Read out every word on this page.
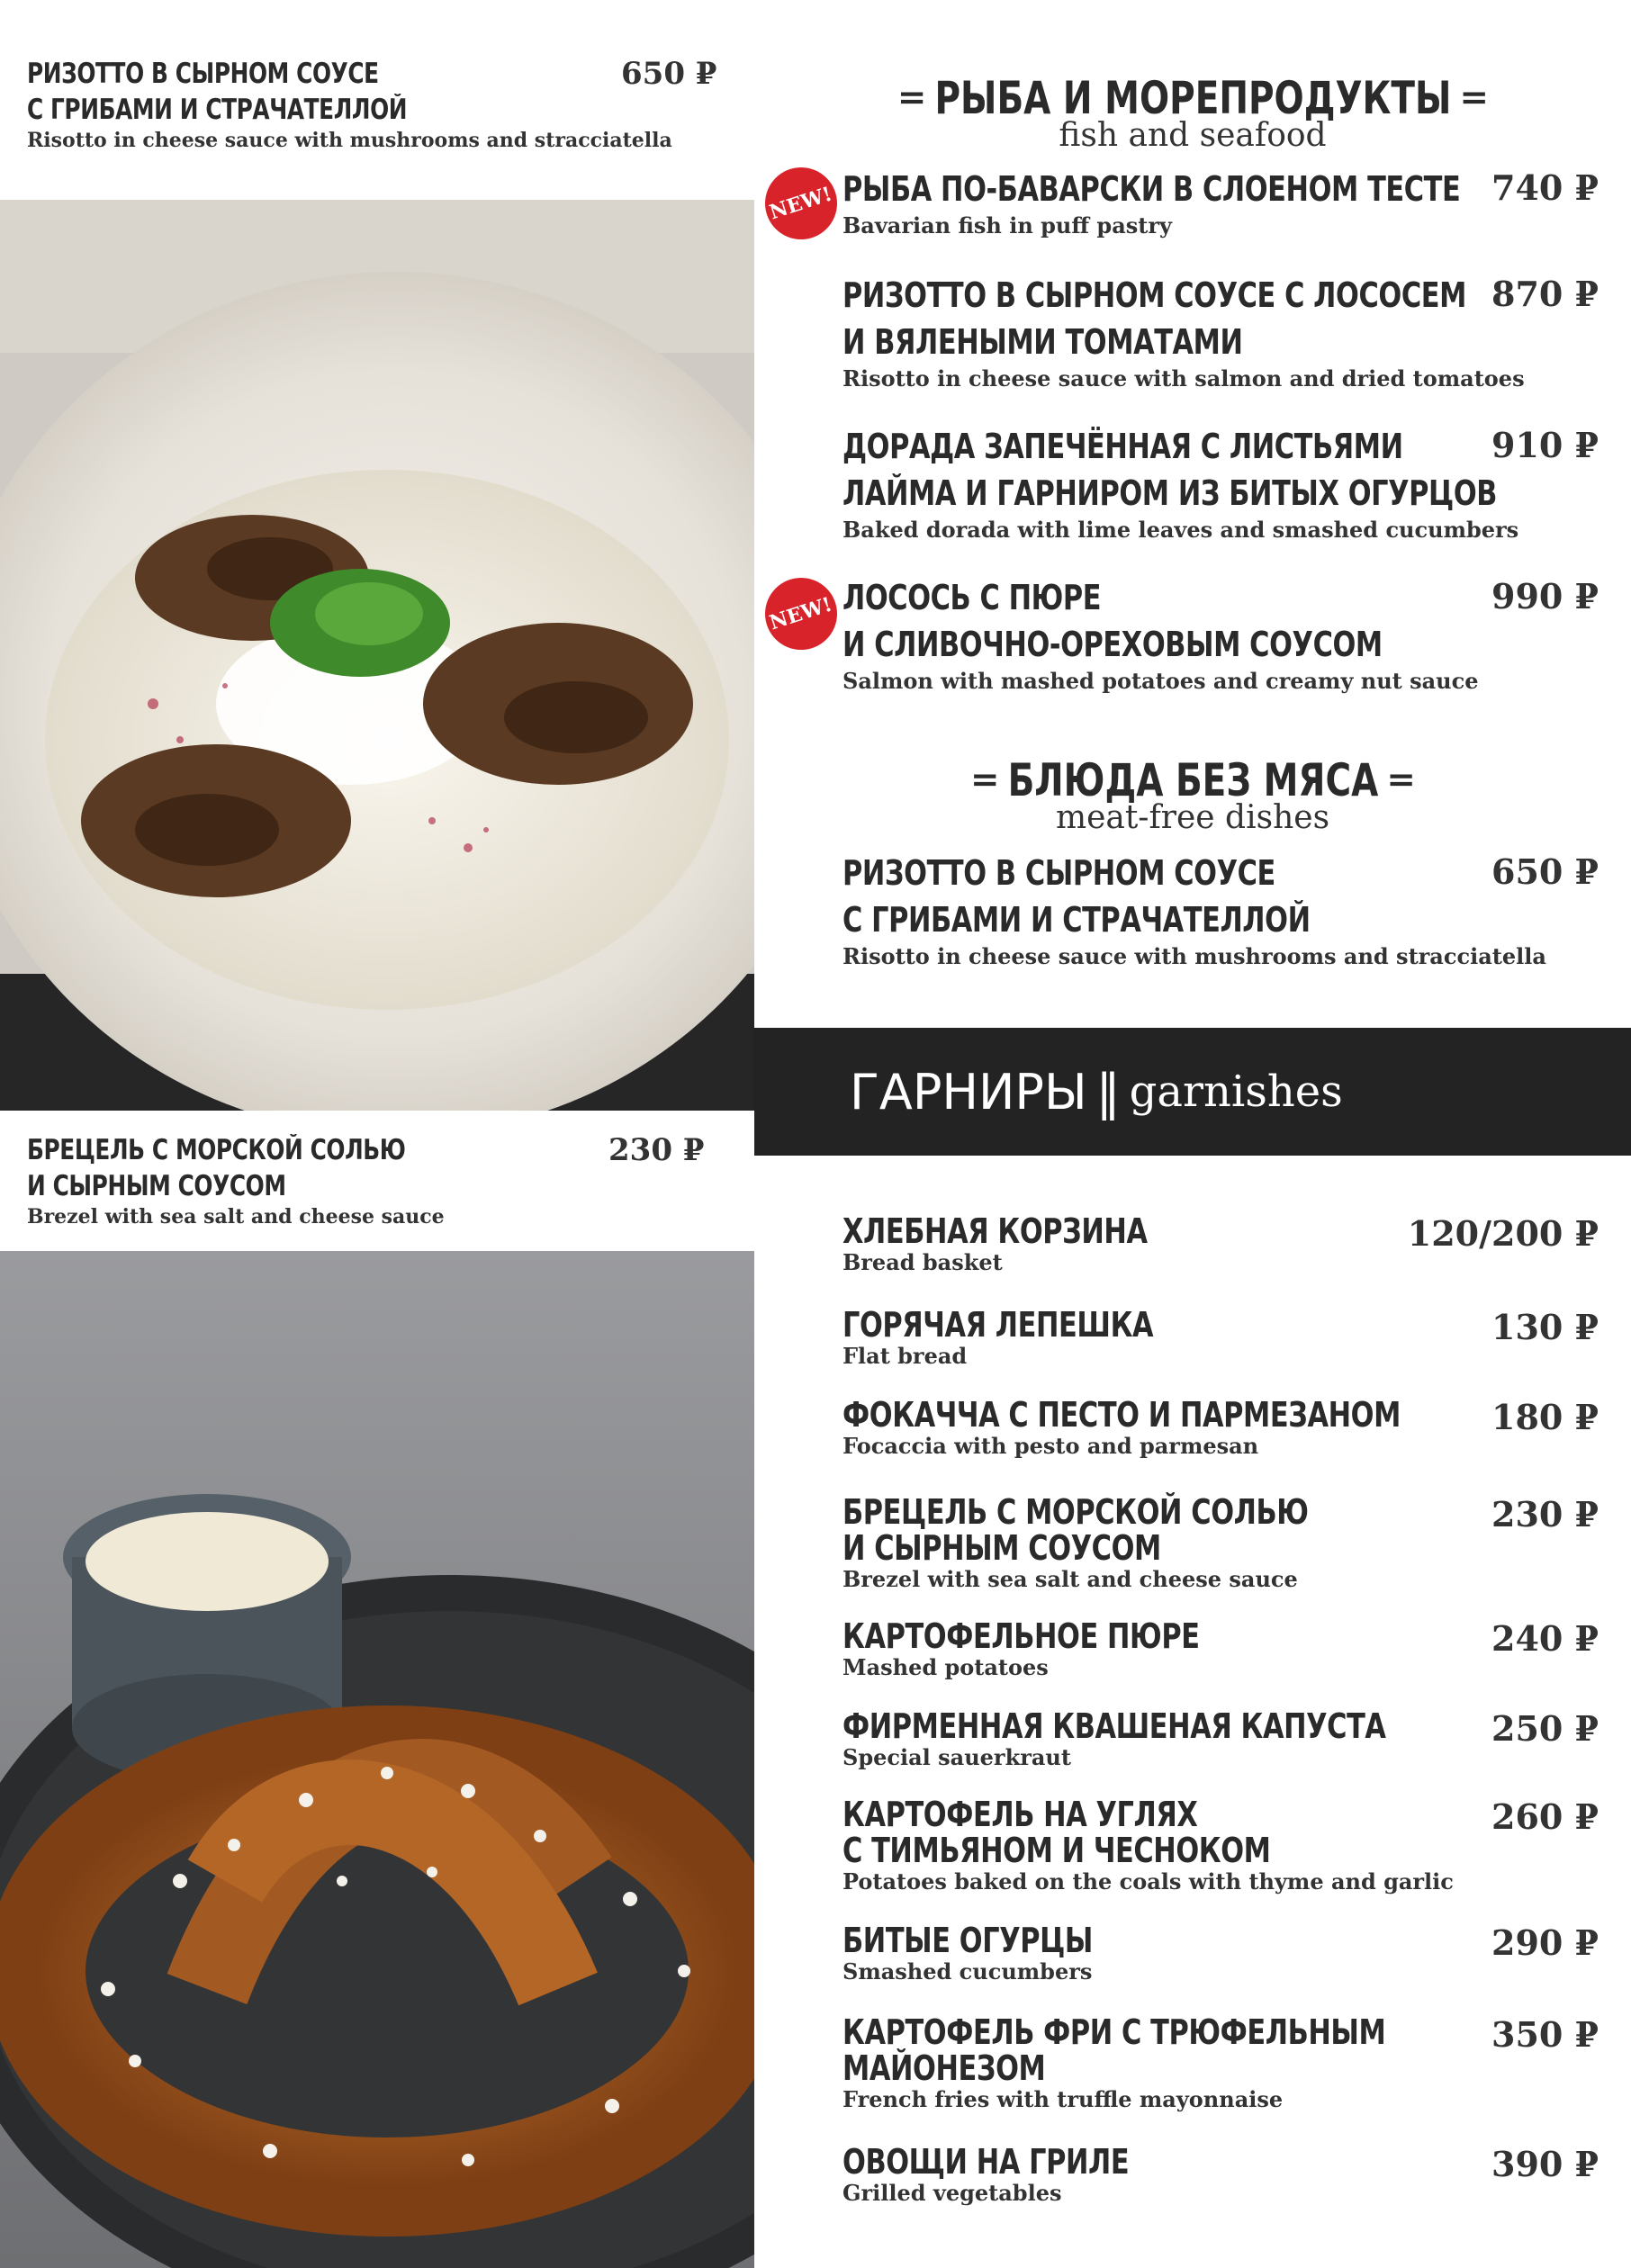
РИЗОТТО В СЫРНОМ СОУСЕ
С ГРИБАМИ И СТРАЧАТЕЛЛОЙ
Risotto in cheese sauce with mushrooms and stracciatella
650 ₽
БРЕЦЕЛЬ С МОРСКОЙ СОЛЬЮ
И СЫРНЫМ СОУСОМ
Brezel with sea salt and cheese sauce
230 ₽
═ РЫБА И МОРЕПРОДУКТЫ ═
fish and seafood
РЫБА ПО-БАВАРСКИ В СЛОЕНОМ ТЕСТЕ
Bavarian fish in puff pastry
740 ₽
NEW!
РИЗОТТО В СЫРНОМ СОУСЕ С ЛОСОСЕМ
И ВЯЛЕНЫМИ ТОМАТАМИ
Risotto in cheese sauce with salmon and dried tomatoes
870 ₽
ДОРАДА ЗАПЕЧЁННАЯ С ЛИСТЬЯМИ
ЛАЙМА И ГАРНИРОМ ИЗ БИТЫХ ОГУРЦОВ
Baked dorada with lime leaves and smashed cucumbers
910 ₽
ЛОСОСЬ С ПЮРЕ
И СЛИВОЧНО-ОРЕХОВЫМ СОУСОМ
Salmon with mashed potatoes and creamy nut sauce
990 ₽
NEW!
═ БЛЮДА БЕЗ МЯСА ═
meat-free dishes
РИЗОТТО В СЫРНОМ СОУСЕ
С ГРИБАМИ И СТРАЧАТЕЛЛОЙ
Risotto in cheese sauce with mushrooms and stracciatella
650 ₽
ГАРНИРЫ ‖ garnishes
ХЛЕБНАЯ КОРЗИНА
Bread basket
120/200 ₽
ГОРЯЧАЯ ЛЕПЕШКА
Flat bread
130 ₽
ФОКАЧЧА С ПЕСТО И ПАРМЕЗАНОМ
Focaccia with pesto and parmesan
180 ₽
БРЕЦЕЛЬ С МОРСКОЙ СОЛЬЮ
И СЫРНЫМ СОУСОМ
Brezel with sea salt and cheese sauce
230 ₽
КАРТОФЕЛЬНОЕ ПЮРЕ
Mashed potatoes
240 ₽
ФИРМЕННАЯ КВАШЕНАЯ КАПУСТА
Special sauerkraut
250 ₽
КАРТОФЕЛЬ НА УГЛЯХ
С ТИМЬЯНОМ И ЧЕСНОКОМ
Potatoes baked on the coals with thyme and garlic
260 ₽
БИТЫЕ ОГУРЦЫ
Smashed cucumbers
290 ₽
КАРТОФЕЛЬ ФРИ С ТРЮФЕЛЬНЫМ
МАЙОНЕЗОМ
French fries with truffle mayonnaise
350 ₽
ОВОЩИ НА ГРИЛЕ
Grilled vegetables
390 ₽
